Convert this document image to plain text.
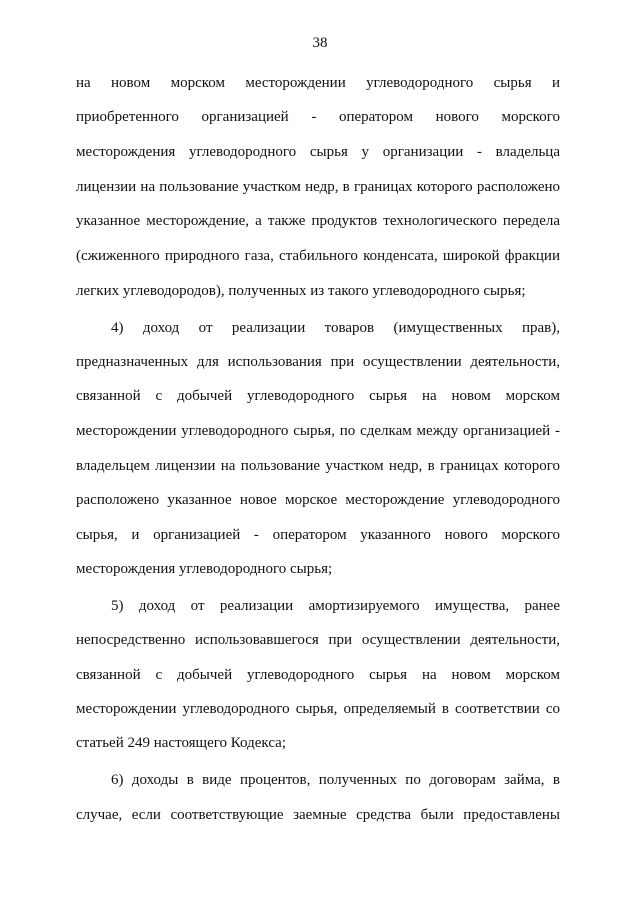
38
на новом морском месторождении углеводородного сырья и
приобретенного организацией - оператором нового морского
месторождения углеводородного сырья у организации - владельца
лицензии на пользование участком недр, в границах которого расположено
указанное месторождение, а также продуктов технологического передела
(сжиженного природного газа, стабильного конденсата, широкой фракции
легких углеводородов), полученных из такого углеводородного сырья;
4) доход от реализации товаров (имущественных прав),
предназначенных для использования при осуществлении деятельности,
связанной с добычей углеводородного сырья на новом морском
месторождении углеводородного сырья, по сделкам между организацией -
владельцем лицензии на пользование участком недр, в границах которого
расположено указанное новое морское месторождение углеводородного
сырья, и организацией - оператором указанного нового морского
месторождения углеводородного сырья;
5) доход от реализации амортизируемого имущества, ранее
непосредственно использовавшегося при осуществлении деятельности,
связанной с добычей углеводородного сырья на новом морском
месторождении углеводородного сырья, определяемый в соответствии со
статьей 249 настоящего Кодекса;
6) доходы в виде процентов, полученных по договорам займа, в
случае, если соответствующие заемные средства были предоставлены
